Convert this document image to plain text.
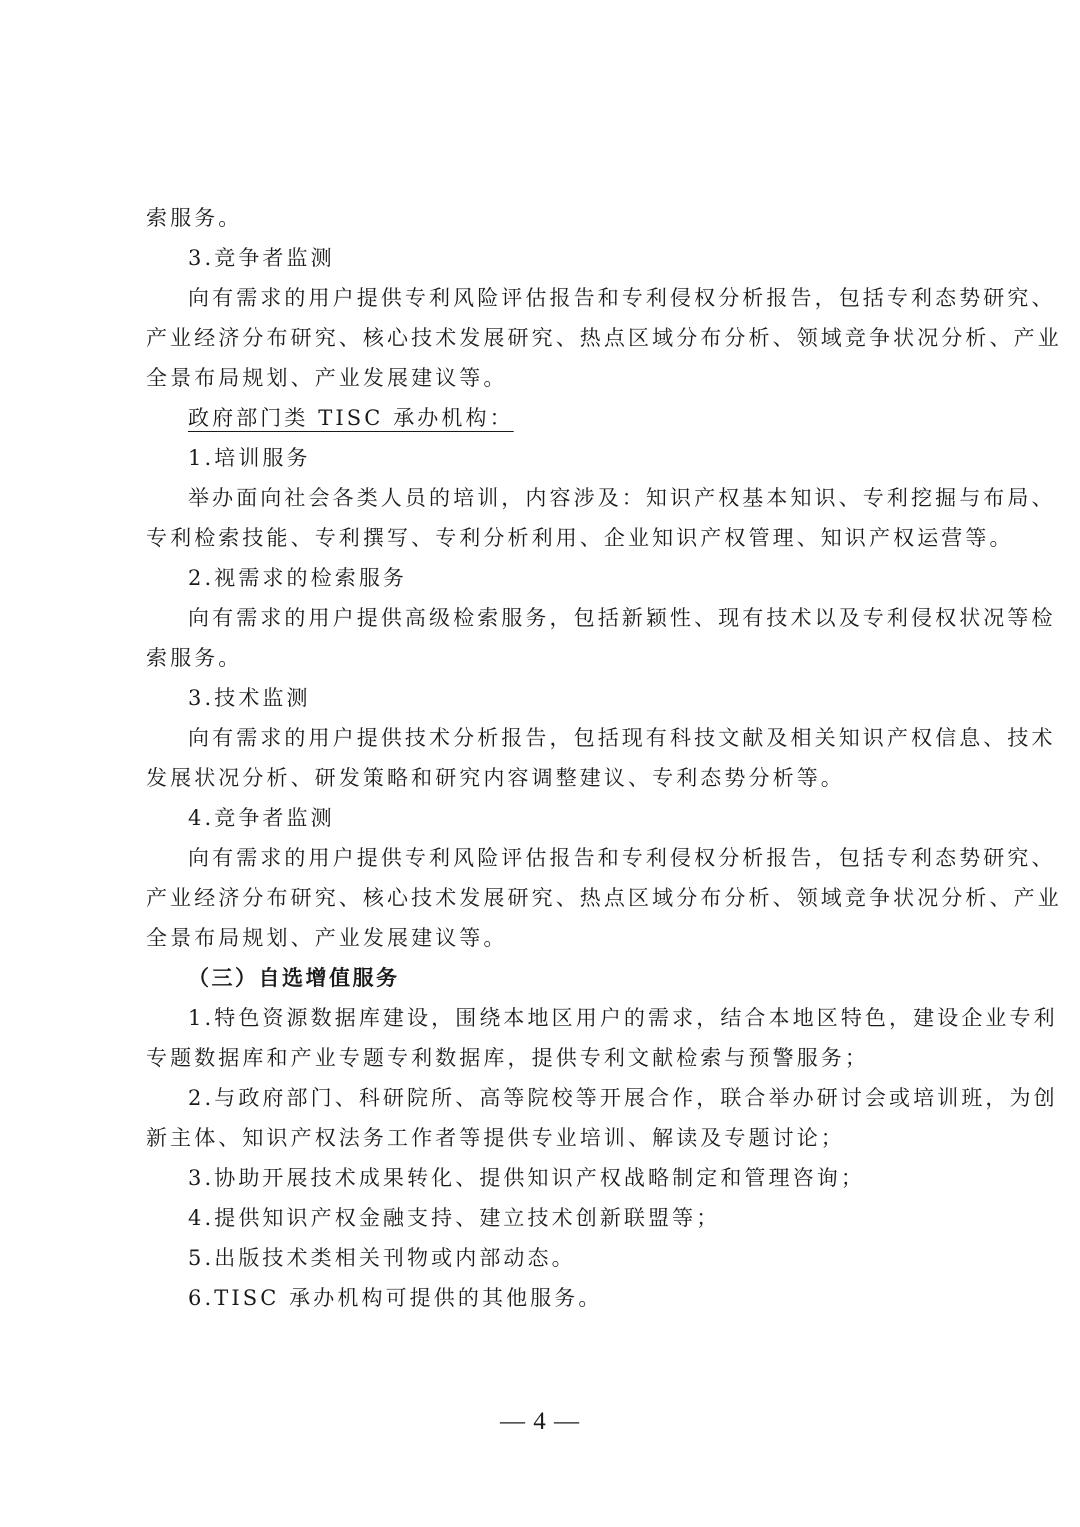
索服务。
3.竞争者监测
向有需求的用户提供专利风险评估报告和专利侵权分析报告，包括专利态势研究、
产业经济分布研究、核心技术发展研究、热点区域分布分析、领域竞争状况分析、产业
全景布局规划、产业发展建议等。
政府部门类 TISC 承办机构：
1.培训服务
举办面向社会各类人员的培训，内容涉及：知识产权基本知识、专利挖掘与布局、
专利检索技能、专利撰写、专利分析利用、企业知识产权管理、知识产权运营等。
2.视需求的检索服务
向有需求的用户提供高级检索服务，包括新颖性、现有技术以及专利侵权状况等检
索服务。
3.技术监测
向有需求的用户提供技术分析报告，包括现有科技文献及相关知识产权信息、技术
发展状况分析、研发策略和研究内容调整建议、专利态势分析等。
4.竞争者监测
向有需求的用户提供专利风险评估报告和专利侵权分析报告，包括专利态势研究、
产业经济分布研究、核心技术发展研究、热点区域分布分析、领域竞争状况分析、产业
全景布局规划、产业发展建议等。
（三）自选增值服务
1.特色资源数据库建设，围绕本地区用户的需求，结合本地区特色，建设企业专利
专题数据库和产业专题专利数据库，提供专利文献检索与预警服务；
2.与政府部门、科研院所、高等院校等开展合作，联合举办研讨会或培训班，为创
新主体、知识产权法务工作者等提供专业培训、解读及专题讨论；
3.协助开展技术成果转化、提供知识产权战略制定和管理咨询；
4.提供知识产权金融支持、建立技术创新联盟等；
5.出版技术类相关刊物或内部动态。
6.TISC 承办机构可提供的其他服务。
— 4 —
